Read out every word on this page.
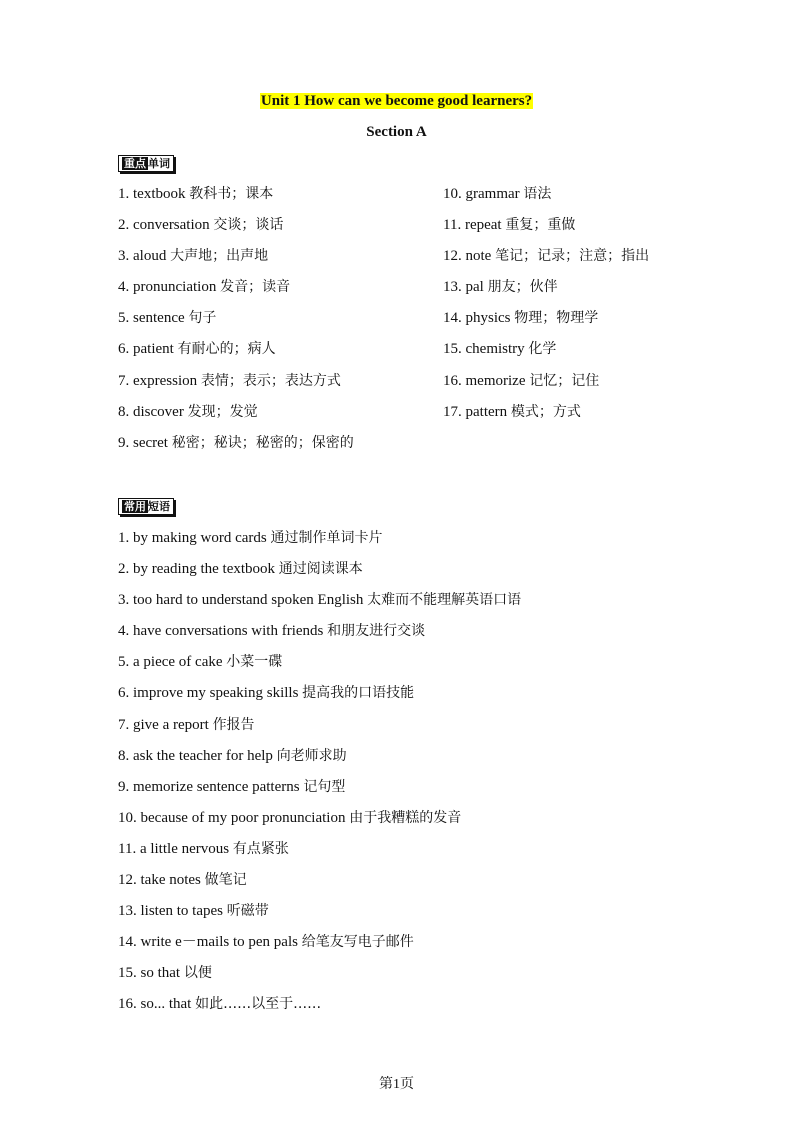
Unit 1 How can we become good learners?
Section A
重点 单词
1. textbook 教科书；课本
2. conversation 交谈；谈话
3. aloud 大声地；出声地
4. pronunciation 发音；读音
5. sentence 句子
6. patient 有耐心的；病人
7. expression 表情；表示；表达方式
8. discover 发现；发觉
9. secret 秘密；秘诀；秘密的；保密的
10. grammar 语法
11. repeat 重复；重做
12. note 笔记；记录；注意；指出
13. pal 朋友；伙伴
14. physics 物理；物理学
15. chemistry 化学
16. memorize 记忆；记住
17. pattern 模式；方式
常用 短语
1. by making word cards 通过制作单词卡片
2. by reading the textbook 通过阅读课本
3. too hard to understand spoken English 太难而不能理解英语口语
4. have conversations with friends 和朋友进行交谈
5. a piece of cake 小菜一碟
6. improve my speaking skills 提高我的口语技能
7. give a report 作报告
8. ask the teacher for help 向老师求助
9. memorize sentence patterns 记句型
10. because of my poor pronunciation 由于我糟糕的发音
11. a little nervous 有点紧张
12. take notes 做笔记
13. listen to tapes 听磁带
14. write e－mails to pen pals 给笔友写电子邮件
15. so that 以便
16. so... that 如此……以至于……
第1页
